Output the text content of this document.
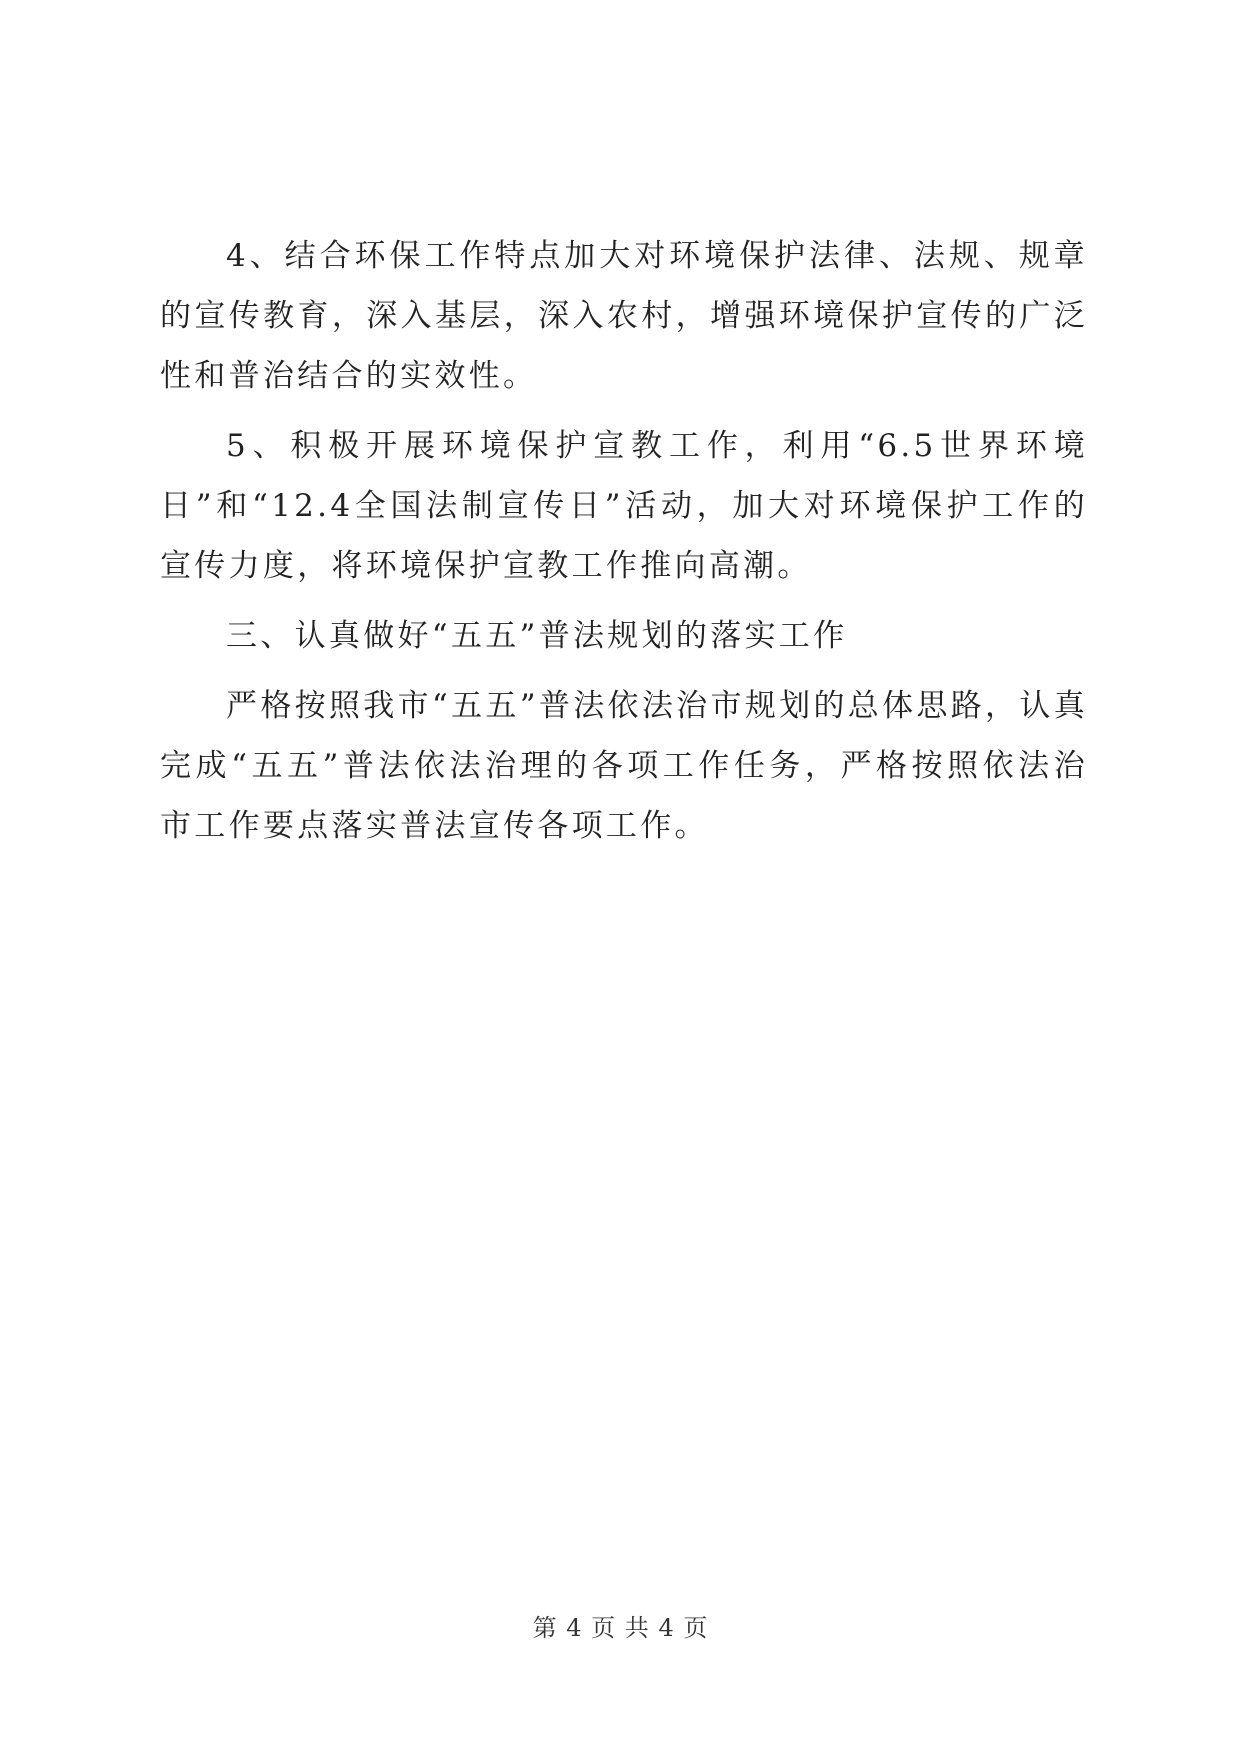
4、结合环保工作特点加大对环境保护法律、法规、规章的宣传教育，深入基层，深入农村，增强环境保护宣传的广泛性和普治结合的实效性。

5、积极开展环境保护宣教工作，利用“6.5世界环境日”和“12.4全国法制宣传日”活动，加大对环境保护工作的宣传力度，将环境保护宣教工作推向高潮。

三、认真做好“五五”普法规划的落实工作

严格按照我市“五五”普法依法治市规划的总体思路，认真完成“五五”普法依法治理的各项工作任务，严格按照依法治市工作要点落实普法宣传各项工作。

第 4 页 共 4 页
